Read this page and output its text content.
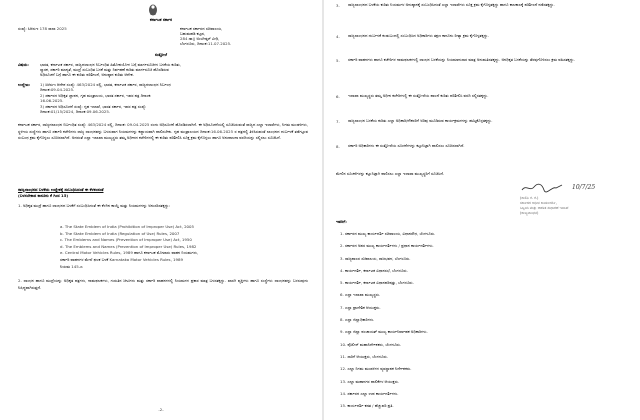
ಕರ್ನಾಟಕ ಸರ್ಕಾರ
ಸಂಖ್ಯೆ: ಸಿಆಸುಇ 178 ರಾಲಾ 2025	ಕರ್ನಾಟಕ ಸರ್ಕಾರದ ಸಚಿವಾಲಯ,
ಬಹುಮಹಡಿ ಕಟ್ಟಡ,
284 ಡಾ|| ಅಂಬೇಡ್ಕರ್ ವೀಧಿ,
ಬೆಂಗಳೂರು, ದಿನಾಂಕ:11.07.2025.
ಸುತ್ತೋಲೆ
ವಿಷಯ:	ಭಾರತ, ಕರ್ನಾಟಕ ಸರ್ಕಾರ, ರಾಜ್ಯದಲಾಂಛನ ನಿರ್ಬಂಧಿತ ಹಿತೋಪಯೋಗ ಬಗ್ಗೆ ಮಾರ್ಗಸೂಚಿಗಳ ಬಳಕೆಯ ಕುರಿತು,
ಸ್ಮಾರಕ, ಸರ್ಕಾರಿ ಮಾನ್ಯತೆ, ಮುದ್ರೆ ಸಂಬಂಧಿತ ಬಳಕೆ ಮತ್ತು ನಿರ್ವಹಣೆ ಕುರಿತು ಮಾರ್ಗಸೂಚಿ ಹೊರಡಿಸುವ
ಅಧಿಸೂಚನೆ ಬಗ್ಗೆ ಹಾಗೂ ಈ ಕುರಿತು ಪರಿಶೀಲನೆ, ಅನುಷ್ಠಾನ ಕುರಿತು ಆದೇಶ.
ಉಲ್ಲೇಖ: 1) ಸಿಆಸುಇ ಆದೇಶ ಸಂಖ್ಯೆ: 463/2024 ರಲ್ಲಿ, ಭಾರತ, ಕರ್ನಾಟಕ ಸರ್ಕಾರ, ರಾಜ್ಯದಲಾಂಛನ ನಿರ್ಬಂಧ
ದಿನಾಂಕ:09.04.2025.
2) ಸರ್ಕಾರದ ಅಧಿಕೃತ ಜ್ಞಾಪನ, ಗೃಹ ಮಂತ್ರಾಲಯ, ಭಾರತ ಸರ್ಕಾರ, ಇವರ ಪತ್ರ ದಿನಾಂಕ:
16.06.2025.
3) ಸರ್ಕಾರದ ಅಧಿಸೂಚನೆ ಸಂಖ್ಯೆ: ಗೃಹ ಇಲಾಖೆ, ಭಾರತ ಸರ್ಕಾರ, ಇವರ ಪತ್ರ ಸಂಖ್ಯೆ:
ದಿನಾಂಕ:01/15/2024, ದಿನಾಂಕ:09.06.2025.
ಕರ್ನಾಟಕ ಸರ್ಕಾರ, ರಾಜ್ಯದಲಾಂಛನ ನಿರ್ಬಂಧಿತ ಸಂಖ್ಯೆ: 463/2024 ರಲ್ಲಿ, ದಿನಾಂಕ: 09.04.2025 ರಂದು ಅಧಿಸೂಚನೆ ಹೊರಡಿಸಲಾಗಿದೆ. ಈ ಅಧಿಸೂಚನೆಯಲ್ಲಿ ಸೂಚಿಸಿರುವಂತೆ ರಾಜ್ಯದ ಎಲ್ಲಾ ಇಲಾಖೆಗಳು, ನಿಗಮ ಮಂಡಳಿಗಳು, ಸ್ಥಳೀಯ ಸಂಸ್ಥೆಗಳು ಹಾಗೂ ಸರ್ಕಾರಿ ಕಚೇರಿಗಳು ರಾಜ್ಯ ಲಾಂಛನವನ್ನು ಬಳಸುವಾಗ ನಿಯಮಗಳನ್ನು ಕಡ್ಡಾಯವಾಗಿ ಪಾಲಿಸಬೇಕು. ಗೃಹ ಮಂತ್ರಾಲಯದ ದಿನಾಂಕ:16.06.2025 ರ ಪತ್ರದಲ್ಲಿ ತಿಳಿಸಿರುವಂತೆ ಲಾಂಛನದ ದುರ್ಬಳಕೆ ತಡೆಗಟ್ಟುವ ಸಂಬಂಧ ಕ್ರಮ ಕೈಗೊಳ್ಳಲು ಸೂಚಿಸಲಾಗಿದೆ. ಅದರಂತೆ ಎಲ್ಲಾ ಇಲಾಖಾ ಮುಖ್ಯಸ್ಥರು ತಮ್ಮ ಅಧೀನದ ಕಚೇರಿಗಳಲ್ಲಿ ಈ ಕುರಿತು ಪರಿಶೀಲಿಸಿ ಸೂಕ್ತ ಕ್ರಮ ಕೈಗೊಳ್ಳಲು ಹಾಗೂ ಅನುಪಾಲನಾ ವರದಿಯನ್ನು ಸಲ್ಲಿಸಲು ಸೂಚಿಸಿದೆ.
ರಾಜ್ಯಲಾಂಛನದ ಬಳಕೆಯ ಉದ್ದೇಶಕ್ಕೆ ಸಂಬಂಧಿಸಿದಂತೆ ಈ ಕೆಳಕಂಡಂತೆ
(ಬಳಸಬೇಕಾದ ಕಾನೂನು ಕೆ ಗಿಂದ 15)
1. ಅಧಿಕೃತ ಮುದ್ರೆ ಹಾಗೂ ಲಾಂಛನದ ಬಳಕೆಗೆ ಸಂಬಂಧಿಸಿದಂತೆ ಈ ಕೆಳಗಿನ ಕಾಯ್ದೆ ಮತ್ತು ನಿಯಮಗಳನ್ನು ಅನುಸರಿಸತಕ್ಕದ್ದು:
a. The State Emblem of India (Prohibition of Improper Use) Act, 2005
b. The State Emblem of India (Regulation of Use) Rules, 2007
c. The Emblems and Names (Prevention of Improper Use) Act, 1950
d. The Emblems and Names (Prevention of Improper Use) Rules, 1982
e. Central Motor Vehicles Rules, 1989 ಹಾಗೂ ಕರ್ನಾಟಕ ಮೋಟಾರು ವಾಹನ ನಿಯಮಗಳು,
ಸರ್ಕಾರಿ ವಾಹನಗಳ ಮೇಲೆ ಫಲಕ ಬಳಕೆ Karnataka Motor Vehicles Rules, 1989
ನಿಯಮ 145-ಎ
2. ಲಾಂಛನ ಹಾಗೂ ಮುದ್ರೆಯನ್ನು ಅಧಿಕೃತ ಪತ್ರಗಳು, ನಾಮಫಲಕಗಳು, ಗುರುತಿನ ಚೀಟಿಗಳು ಮತ್ತು ಸರ್ಕಾರಿ ವಾಹನಗಳಲ್ಲಿ ನಿಯಮಗಳ ಪ್ರಕಾರ ಮಾತ್ರ ಬಳಸತಕ್ಕದ್ದು. ಖಾಸಗಿ ವ್ಯಕ್ತಿಗಳು ಹಾಗೂ ಸಂಸ್ಥೆಗಳು ಲಾಂಛನವನ್ನು ಬಳಸುವುದು ನಿಷಿದ್ಧವಾಗಿರುತ್ತದೆ.
-2-
3. ರಾಜ್ಯಲಾಂಛನದ ಬಳಕೆಯ ಕುರಿತು ನಿಯಮಗಳ ಅನುಷ್ಠಾನಕ್ಕೆ ಸಂಬಂಧಿಸಿದಂತೆ ಎಲ್ಲಾ ಇಲಾಖೆಗಳು ಸೂಕ್ತ ಕ್ರಮ ಕೈಗೊಳ್ಳತಕ್ಕದ್ದು ಹಾಗೂ ಕಾಲಕಾಲಕ್ಕೆ ಪರಿಶೀಲನೆ ನಡೆಸತಕ್ಕದ್ದು.
4. ರಾಜ್ಯಲಾಂಛನದ ದುರ್ಬಳಕೆ ಕಂಡುಬಂದಲ್ಲಿ ಸಂಬಂಧಿಸಿದ ಅಧಿಕಾರಿಗಳು ತಕ್ಷಣ ಕಾನೂನು ರೀತ್ಯಾ ಕ್ರಮ ಕೈಗೊಳ್ಳತಕ್ಕದ್ದು.
5. ಸರ್ಕಾರಿ ವಾಹನಗಳು ಹಾಗೂ ಕಚೇರಿಗಳ ನಾಮಫಲಕಗಳಲ್ಲಿ ಲಾಂಛನ ಬಳಕೆಯನ್ನು ನಿಯಮಾನುಸಾರ ಮಾತ್ರ ಅನುಮತಿಸತಕ್ಕದ್ದು. ಅನಧಿಕೃತ ಬಳಕೆಯನ್ನು ತೆರವುಗೊಳಿಸಲು ಕ್ರಮ ವಹಿಸತಕ್ಕದ್ದು.
6. ಇಲಾಖಾ ಮುಖ್ಯಸ್ಥರು ತಮ್ಮ ಅಧೀನ ಕಚೇರಿಗಳಲ್ಲಿ ಈ ಸುತ್ತೋಲೆಯ ಪಾಲನೆ ಕುರಿತು ಪರಿಶೀಲಿಸಿ ವರದಿ ಸಲ್ಲಿಸತಕ್ಕದ್ದು.
7. ರಾಜ್ಯಲಾಂಛನ ಬಳಕೆಯ ಕುರಿತು ಎಲ್ಲಾ ಅಧಿಕಾರಿ/ನೌಕರರಿಗೆ ಅರಿವು ಮೂಡಿಸುವ ಕಾರ್ಯಕ್ರಮಗಳನ್ನು ಹಮ್ಮಿಕೊಳ್ಳತಕ್ಕದ್ದು.
8. ಸರ್ಕಾರಿ ಅಧಿಕಾರಿಗಳು ಈ ಸುತ್ತೋಲೆಯ ಸೂಚನೆಗಳನ್ನು ಕಟ್ಟುನಿಟ್ಟಾಗಿ ಪಾಲಿಸಲು ಸೂಚಿಸಲಾಗಿದೆ.
ಮೇಲಿನ ಸೂಚನೆಗಳನ್ನು ಕಟ್ಟುನಿಟ್ಟಾಗಿ ಪಾಲಿಸಲು ಎಲ್ಲಾ ಇಲಾಖಾ ಮುಖ್ಯಸ್ಥರಿಗೆ ಸೂಚಿಸಿದೆ.
10/7/25
(ಶಾಲಿನಿ ಕೆ. ಕೆ.)
ಸರ್ಕಾರದ ಅಧೀನ ಕಾರ್ಯದರ್ಶಿ,
ಸಿಬ್ಬಂದಿ ಮತ್ತು ಆಡಳಿತ ಸುಧಾರಣೆ ಇಲಾಖೆ
(ರಾಜ್ಯಲಾಂಛನ)
ಇವರಿಗೆ:
1. ಸರ್ಕಾರದ ಮುಖ್ಯ ಕಾರ್ಯದರ್ಶಿ ಸಚಿವಾಲಯ, ವಿಧಾನಸೌಧ, ಬೆಂಗಳೂರು.
2. ಸರ್ಕಾರದ ಅಪರ ಮುಖ್ಯ ಕಾರ್ಯದರ್ಶಿಗಳು / ಪ್ರಧಾನ ಕಾರ್ಯದರ್ಶಿಗಳು.
3. ರಾಜ್ಯಪಾಲರ ಸಚಿವಾಲಯ, ರಾಜಭವನ, ಬೆಂಗಳೂರು.
4. ಕಾರ್ಯದರ್ಶಿ, ಕರ್ನಾಟಕ ವಿಧಾನಸಭೆ, ಬೆಂಗಳೂರು.
5. ಕಾರ್ಯದರ್ಶಿ, ಕರ್ನಾಟಕ ವಿಧಾನಪರಿಷತ್ತು, ಬೆಂಗಳೂರು.
6. ಎಲ್ಲಾ ಇಲಾಖಾ ಮುಖ್ಯಸ್ಥರು.
7. ಎಲ್ಲಾ ಪ್ರಾದೇಶಿಕ ಆಯುಕ್ತರು.
8. ಎಲ್ಲಾ ಜಿಲ್ಲಾಧಿಕಾರಿಗಳು.
9. ಎಲ್ಲಾ ಜಿಲ್ಲಾ ಪಂಚಾಯತ್ ಮುಖ್ಯ ಕಾರ್ಯನಿರ್ವಾಹಕ ಅಧಿಕಾರಿಗಳು.
10. ಪೊಲೀಸ್ ಮಹಾನಿರ್ದೇಶಕರು, ಬೆಂಗಳೂರು.
11. ಸಾರಿಗೆ ಆಯುಕ್ತರು, ಬೆಂಗಳೂರು.
12. ಎಲ್ಲಾ ನಿಗಮ ಮಂಡಳಿಗಳ ವ್ಯವಸ್ಥಾಪಕ ನಿರ್ದೇಶಕರು.
13. ಎಲ್ಲಾ ಮಹಾನಗರ ಪಾಲಿಕೆಗಳ ಆಯುಕ್ತರು.
14. ಸರ್ಕಾರದ ಎಲ್ಲಾ ಉಪ ಕಾರ್ಯದರ್ಶಿಗಳು.
15. ಕಾರ್ಯದರ್ಶಿ ಕಡತ / ಹೆಚ್ಚುವರಿ ಪ್ರತಿ.
